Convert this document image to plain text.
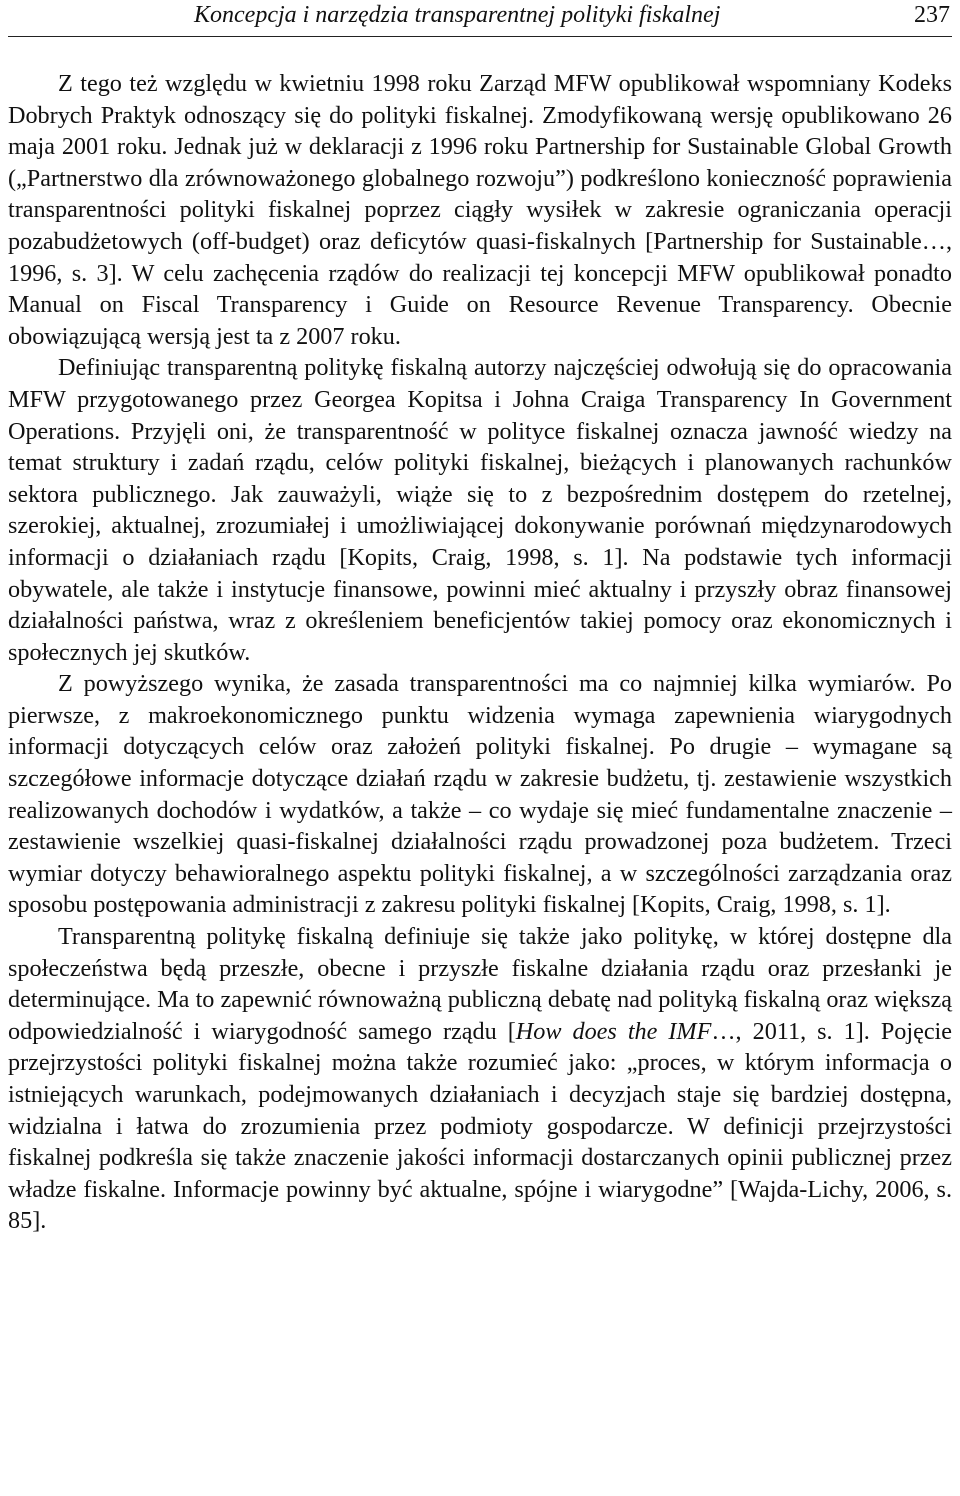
Koncepcja i narzędzia transparentnej polityki fiskalnej	237

Z tego też względu w kwietniu 1998 roku Zarząd MFW opublikował wspomniany Kodeks Dobrych Praktyk odnoszący się do polityki fiskalnej. Zmodyfikowaną wersję opublikowano 26 maja 2001 roku. Jednak już w deklaracji z 1996 roku Partnership for Sustainable Global Growth („Partnerstwo dla zrównoważonego globalnego rozwoju”) podkreślono konieczność poprawienia transparentności polityki fiskalnej poprzez ciągły wysiłek w zakresie ograniczania operacji pozabudżetowych (off-budget) oraz deficytów quasi-fiskalnych [Partnership for Sustainable…, 1996, s. 3]. W celu zachęcenia rządów do realizacji tej koncepcji MFW opublikował ponadto Manual on Fiscal Transparency i Guide on Resource Revenue Transparency. Obecnie obowiązującą wersją jest ta z 2007 roku.

Definiując transparentną politykę fiskalną autorzy najczęściej odwołują się do opracowania MFW przygotowanego przez Georgea Kopitsa i Johna Craiga Transparency In Government Operations. Przyjęli oni, że transparentność w polityce fiskalnej oznacza jawność wiedzy na temat struktury i zadań rządu, celów polityki fiskalnej, bieżących i planowanych rachunków sektora publicznego. Jak zauważyli, wiąże się to z bezpośrednim dostępem do rzetelnej, szerokiej, aktualnej, zrozumiałej i umożliwiającej dokonywanie porównań międzynarodowych informacji o działaniach rządu [Kopits, Craig, 1998, s. 1]. Na podstawie tych informacji obywatele, ale także i instytucje finansowe, powinni mieć aktualny i przyszły obraz finansowej działalności państwa, wraz z określeniem beneficjentów takiej pomocy oraz ekonomicznych i społecznych jej skutków.

Z powyższego wynika, że zasada transparentności ma co najmniej kilka wymiarów. Po pierwsze, z makroekonomicznego punktu widzenia wymaga zapewnienia wiarygodnych informacji dotyczących celów oraz założeń polityki fiskalnej. Po drugie – wymagane są szczegółowe informacje dotyczące działań rządu w zakresie budżetu, tj. zestawienie wszystkich realizowanych dochodów i wydatków, a także – co wydaje się mieć fundamentalne znaczenie – zestawienie wszelkiej quasi-fiskalnej działalności rządu prowadzonej poza budżetem. Trzeci wymiar dotyczy behawioralnego aspektu polityki fiskalnej, a w szczególności zarządzania oraz sposobu postępowania administracji z zakresu polityki fiskalnej [Kopits, Craig, 1998, s. 1].

Transparentną politykę fiskalną definiuje się także jako politykę, w której dostępne dla społeczeństwa będą przeszłe, obecne i przyszłe fiskalne działania rządu oraz przesłanki je determinujące. Ma to zapewnić równoważną publiczną debatę nad polityką fiskalną oraz większą odpowiedzialność i wiarygodność samego rządu [How does the IMF…, 2011, s. 1]. Pojęcie przejrzystości polityki fiskalnej można także rozumieć jako: „proces, w którym informacja o istniejących warunkach, podejmowanych działaniach i decyzjach staje się bardziej dostępna, widzialna i łatwa do zrozumienia przez podmioty gospodarcze. W definicji przejrzystości fiskalnej podkreśla się także znaczenie jakości informacji dostarczanych opinii publicznej przez władze fiskalne. Informacje powinny być aktualne, spójne i wiarygodne” [Wajda-Lichy, 2006, s. 85].
